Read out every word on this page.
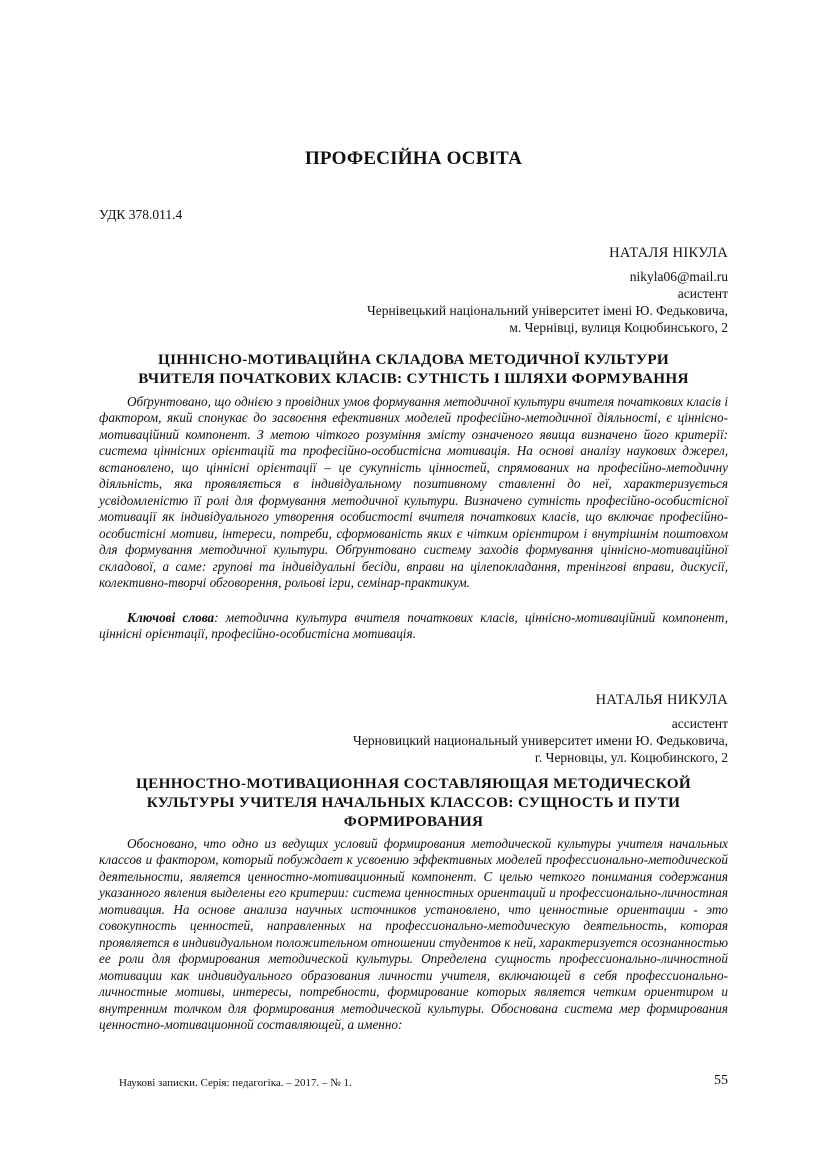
ПРОФЕСІЙНА ОСВІТА
УДК 378.011.4
НАТАЛЯ НІКУЛА
nikyla06@mail.ru
асистент
Чернівецький національний університет імені Ю. Федьковича,
м. Чернівці, вулиця Коцюбинського, 2
ЦІННІСНО-МОТИВАЦІЙНА СКЛАДОВА МЕТОДИЧНОЇ КУЛЬТУРИ
ВЧИТЕЛЯ ПОЧАТКОВИХ КЛАСІВ: СУТНІСТЬ І ШЛЯХИ ФОРМУВАННЯ

Обґрунтовано, що однією з провідних умов формування методичної культури вчителя початкових класів і фактором, який спонукає до засвоєння ефективних моделей професійно-методичної діяльності, є ціннісно-мотиваційний компонент. З метою чіткого розуміння змісту означеного явища визначено його критерії: система ціннісних орієнтацій та професійно-особистісна мотивація. На основі аналізу наукових джерел, встановлено, що ціннісні орієнтації – це сукупність цінностей, спрямованих на професійно-методичну діяльність, яка проявляється в індивідуальному позитивному ставленні до неї, характеризується усвідомленістю її ролі для формування методичної культури. Визначено сутність професійно-особистісної мотивації як індивідуального утворення особистості вчителя початкових класів, що включає професійно-особистісні мотиви, інтереси, потреби, сформованість яких є чітким орієнтиром і внутрішнім поштовхом для формування методичної культури. Обґрунтовано систему заходів формування ціннісно-мотиваційної складової, а саме: групові та індивідуальні бесіди, вправи на цілепокладання, тренінгові вправи, дискусії, колективно-творчі обговорення, рольові ігри, семінар-практикум.

Ключові слова: методична культура вчителя початкових класів, ціннісно-мотиваційний компонент, ціннісні орієнтації, професійно-особистісна мотивація.
НАТАЛЬЯ НИКУЛА
ассистент
Черновицкий национальный университет имени Ю. Федьковича,
г. Черновцы, ул. Коцюбинского, 2
ЦЕННОСТНО-МОТИВАЦИОННАЯ СОСТАВЛЯЮЩАЯ МЕТОДИЧЕСКОЙ
КУЛЬТУРЫ УЧИТЕЛЯ НАЧАЛЬНЫХ КЛАССОВ: СУЩНОСТЬ И ПУТИ
ФОРМИРОВАНИЯ

Обосновано, что одно из ведущих условий формирования методической культуры учителя начальных классов и фактором, который побуждает к усвоению эффективных моделей профессионально-методической деятельности, является ценностно-мотивационный компонент. С целью четкого понимания содержания указанного явления выделены его критерии: система ценностных ориентаций и профессионально-личностная мотивация. На основе анализа научных источников установлено, что ценностные ориентации - это совокупность ценностей, направленных на профессионально-методическую деятельность, которая проявляется в индивидуальном положительном отношении студентов к ней, характеризуется осознанностью ее роли для формирования методической культуры. Определена сущность профессионально-личностной мотивации как индивидуального образования личности учителя, включающей в себя профессионально-личностные мотивы, интересы, потребности, формирование которых является четким ориентиром и внутренним толчком для формирования методической культуры. Обоснована система мер формирования ценностно-мотивационной составляющей, а именно:

Наукові записки. Серія: педагогіка. – 2017. – № 1.	55
